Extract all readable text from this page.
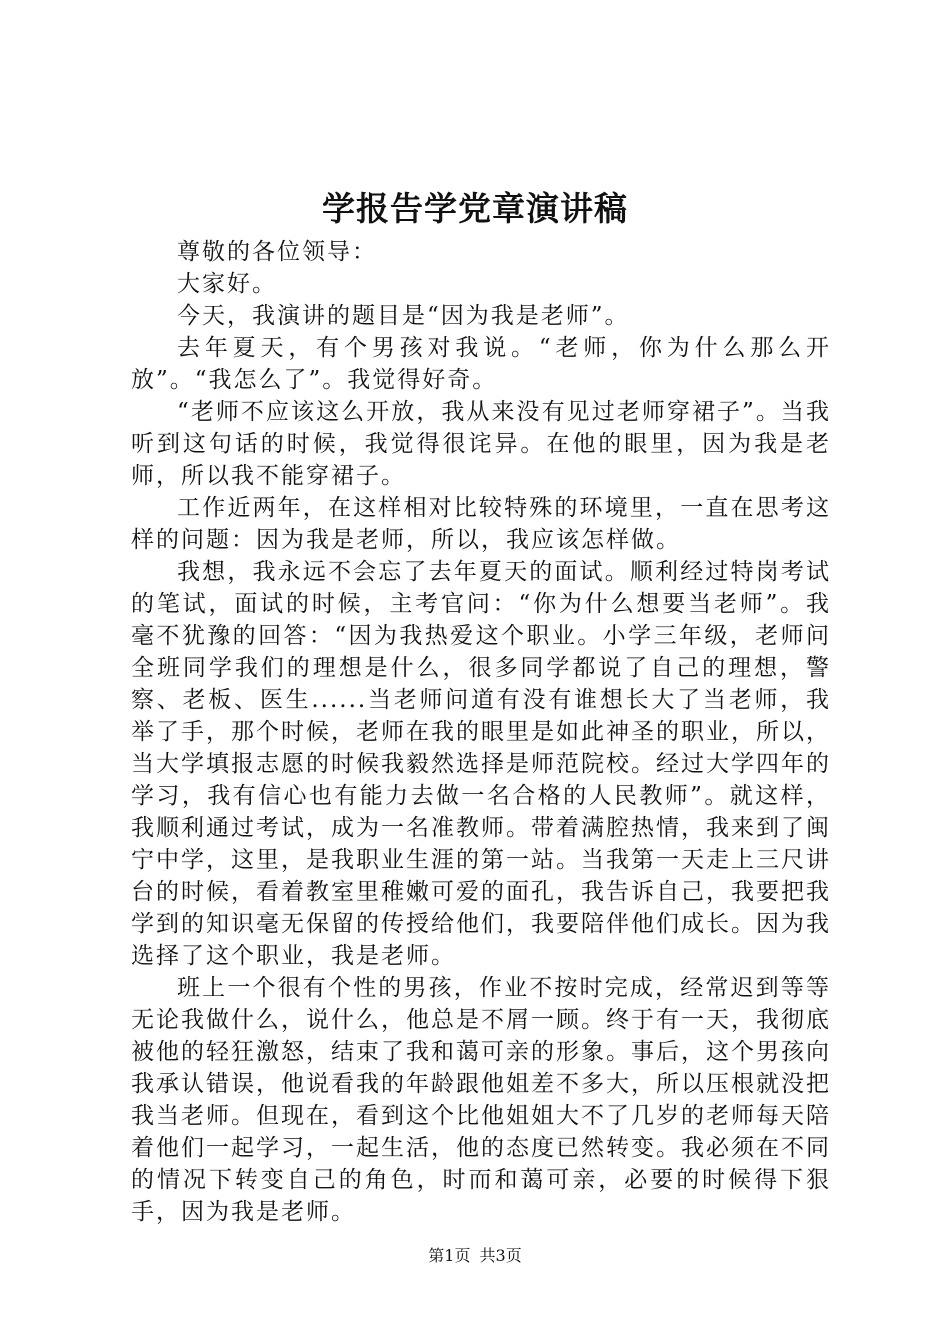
学报告学党章演讲稿

尊敬的各位领导：

大家好。

今天，我演讲的题目是“因为我是老师”。

去年夏天，有个男孩对我说。“老师，你为什么那么开放”。“我怎么了”。我觉得好奇。

“老师不应该这么开放，我从来没有见过老师穿裙子”。当我听到这句话的时候，我觉得很诧异。在他的眼里，因为我是老师，所以我不能穿裙子。

工作近两年，在这样相对比较特殊的环境里，一直在思考这样的问题：因为我是老师，所以，我应该怎样做。

我想，我永远不会忘了去年夏天的面试。顺利经过特岗考试的笔试，面试的时候，主考官问：“你为什么想要当老师”。我毫不犹豫的回答：“因为我热爱这个职业。小学三年级，老师问全班同学我们的理想是什么，很多同学都说了自己的理想，警察、老板、医生......当老师问道有没有谁想长大了当老师，我举了手，那个时候，老师在我的眼里是如此神圣的职业，所以，当大学填报志愿的时候我毅然选择是师范院校。经过大学四年的学习，我有信心也有能力去做一名合格的人民教师”。就这样，我顺利通过考试，成为一名准教师。带着满腔热情，我来到了闽宁中学，这里，是我职业生涯的第一站。当我第一天走上三尺讲台的时候，看着教室里稚嫩可爱的面孔，我告诉自己，我要把我学到的知识毫无保留的传授给他们，我要陪伴他们成长。因为我选择了这个职业，我是老师。

班上一个很有个性的男孩，作业不按时完成，经常迟到等等无论我做什么，说什么，他总是不屑一顾。终于有一天，我彻底被他的轻狂激怒，结束了我和蔼可亲的形象。事后，这个男孩向我承认错误，他说看我的年龄跟他姐差不多大，所以压根就没把我当老师。但现在，看到这个比他姐姐大不了几岁的老师每天陪着他们一起学习，一起生活，他的态度已然转变。我必须在不同的情况下转变自己的角色，时而和蔼可亲，必要的时候得下狠手，因为我是老师。

第1页 共3页
